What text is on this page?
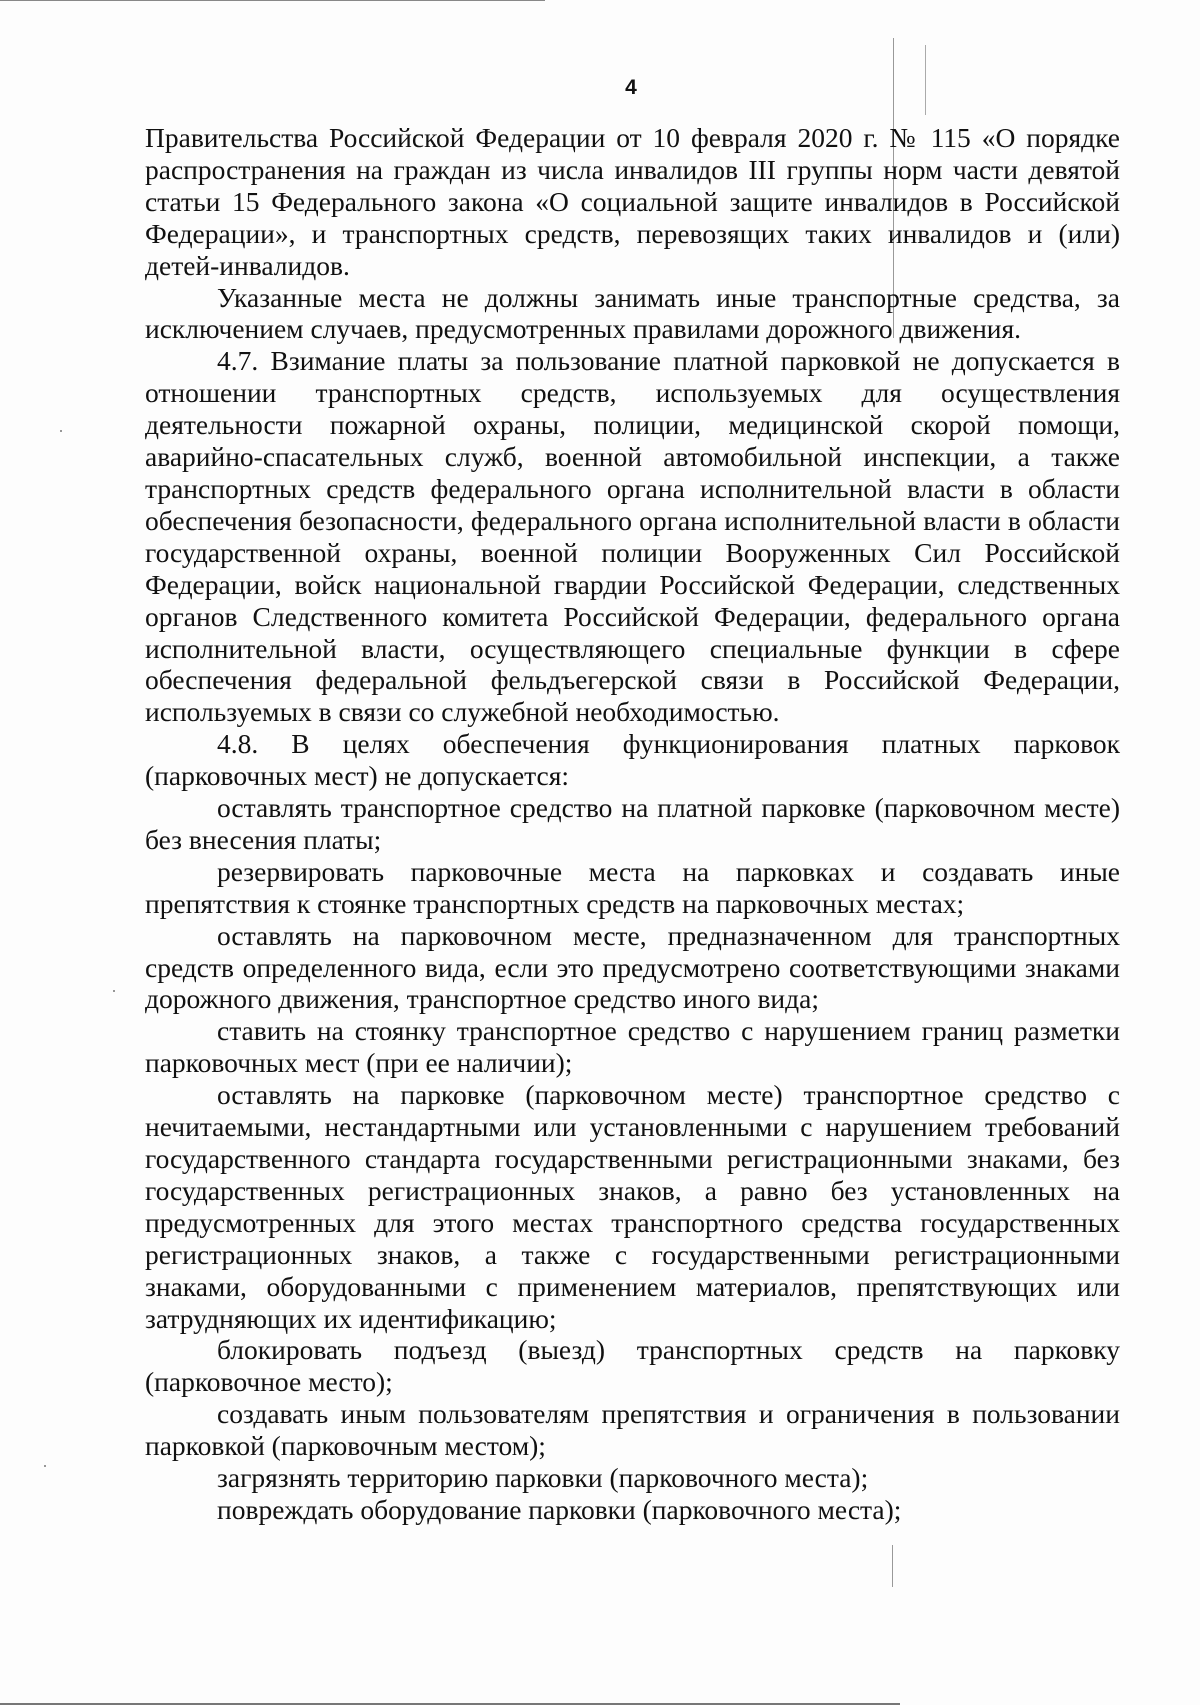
4

Правительства Российской Федерации от 10 февраля 2020 г. № 115 «О порядке распространения на граждан из числа инвалидов III группы норм части девятой статьи 15 Федерального закона «О социальной защите инвалидов в Российской Федерации», и транспортных средств, перевозящих таких инвалидов и (или) детей-инвалидов.

Указанные места не должны занимать иные транспортные средства, за исключением случаев, предусмотренных правилами дорожного движения.

4.7. Взимание платы за пользование платной парковкой не допускается в отношении транспортных средств, используемых для осуществления деятельности пожарной охраны, полиции, медицинской скорой помощи, аварийно-спасательных служб, военной автомобильной инспекции, а также транспортных средств федерального органа исполнительной власти в области обеспечения безопасности, федерального органа исполнительной власти в области государственной охраны, военной полиции Вооруженных Сил Российской Федерации, войск национальной гвардии Российской Федерации, следственных органов Следственного комитета Российской Федерации, федерального органа исполнительной власти, осуществляющего специальные функции в сфере обеспечения федеральной фельдъегерской связи в Российской Федерации, используемых в связи со служебной необходимостью.

4.8. В целях обеспечения функционирования платных парковок (парковочных мест) не допускается:

оставлять транспортное средство на платной парковке (парковочном месте) без внесения платы;

резервировать парковочные места на парковках и создавать иные препятствия к стоянке транспортных средств на парковочных местах;

оставлять на парковочном месте, предназначенном для транспортных средств определенного вида, если это предусмотрено соответствующими знаками дорожного движения, транспортное средство иного вида;

ставить на стоянку транспортное средство с нарушением границ разметки парковочных мест (при ее наличии);

оставлять на парковке (парковочном месте) транспортное средство с нечитаемыми, нестандартными или установленными с нарушением требований государственного стандарта государственными регистрационными знаками, без государственных регистрационных знаков, а равно без установленных на предусмотренных для этого местах транспортного средства государственных регистрационных знаков, а также с государственными регистрационными знаками, оборудованными с применением материалов, препятствующих или затрудняющих их идентификацию;

блокировать подъезд (выезд) транспортных средств на парковку (парковочное место);

создавать иным пользователям препятствия и ограничения в пользовании парковкой (парковочным местом);

загрязнять территорию парковки (парковочного места);

повреждать оборудование парковки (парковочного места);
